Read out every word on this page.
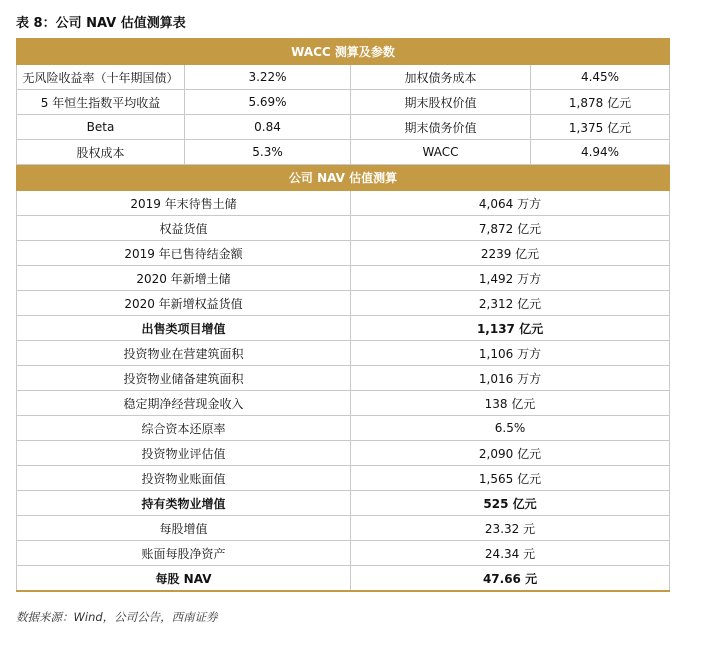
表 8：公司 NAV 估值测算表
WACC 测算及参数			
无风险收益率（十年期国债）	3.22%	加权债务成本	4.45%
5 年恒生指数平均收益	5.69%	期末股权价值	1,878 亿元
Beta	0.84	期末债务价值	1,375 亿元
股权成本	5.3%	WACC	4.94%
公司 NAV 估值测算			
2019 年末待售土储		4,064 万方	
权益货值		7,872 亿元	
2019 年已售待结金额		2239 亿元	
2020 年新增土储		1,492 万方	
2020 年新增权益货值		2,312 亿元	
出售类项目增值		1,137 亿元	
投资物业在营建筑面积		1,106 万方	
投资物业储备建筑面积		1,016 万方	
稳定期净经营现金收入		138 亿元	
综合资本还原率		6.5%	
投资物业评估值		2,090 亿元	
投资物业账面值		1,565 亿元	
持有类物业增值		525 亿元	
每股增值		23.32 元	
账面每股净资产		24.34 元	
每股 NAV		47.66 元	
数据来源：Wind，公司公告，西南证券
